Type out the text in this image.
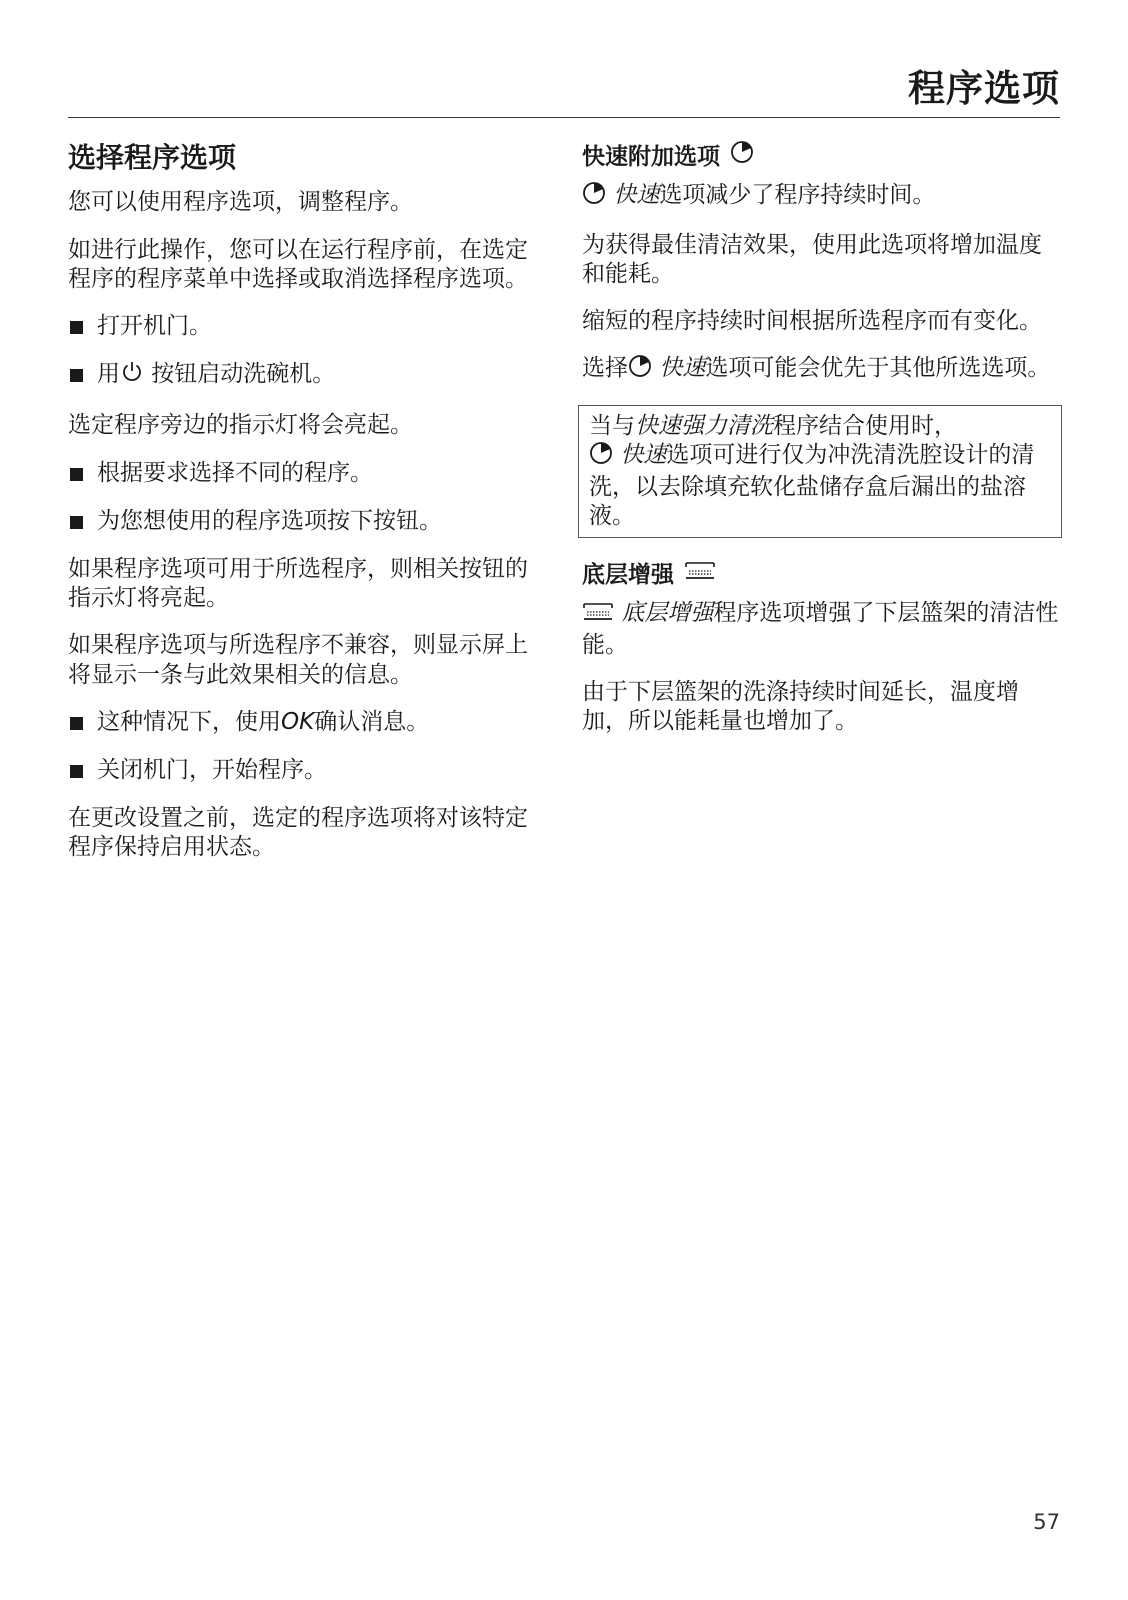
程序选项
选择程序选项

您可以使用程序选项，调整程序。

如进行此操作，您可以在运行程序前，在选定程序的程序菜单中选择或取消选择程序选项。

打开机门。
用 按钮启动洗碗机。

选定程序旁边的指示灯将会亮起。

根据要求选择不同的程序。
为您想使用的程序选项按下按钮。

如果程序选项可用于所选程序，则相关按钮的指示灯将亮起。

如果程序选项与所选程序不兼容，则显示屏上将显示一条与此效果相关的信息。

这种情况下，使用OK确认消息。
关闭机门，开始程序。

在更改设置之前，选定的程序选项将对该特定程序保持启用状态。

快速附加选项

快速选项减少了程序持续时间。

为获得最佳清洁效果，使用此选项将增加温度和能耗。

缩短的程序持续时间根据所选程序而有变化。

选择 快速选项可能会优先于其他所选选项。

当与快速强力清洗程序结合使用时，
快速选项可进行仅为冲洗清洗腔设计的清洗，以去除填充软化盐储存盒后漏出的盐溶液。

底层增强

底层增强程序选项增强了下层篮架的清洁性能。

由于下层篮架的洗涤持续时间延长，温度增加，所以能耗量也增加了。

57
